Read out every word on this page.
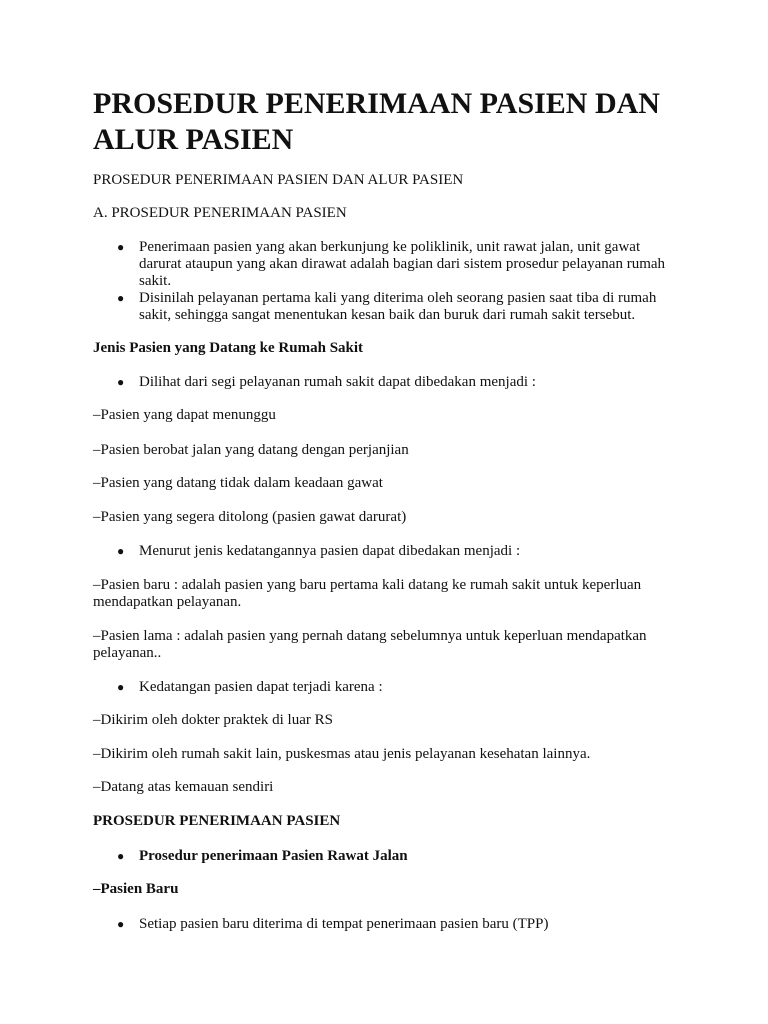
PROSEDUR PENERIMAAN PASIEN DAN ALUR PASIEN

PROSEDUR PENERIMAAN PASIEN DAN ALUR PASIEN

A. PROSEDUR PENERIMAAN PASIEN

● Penerimaan pasien yang akan berkunjung ke poliklinik, unit rawat jalan, unit gawat darurat ataupun yang akan dirawat adalah bagian dari sistem prosedur pelayanan rumah sakit.

● Disinilah pelayanan pertama kali yang diterima oleh seorang pasien saat tiba di rumah sakit, sehingga sangat menentukan kesan baik dan buruk dari rumah sakit tersebut.

Jenis Pasien yang Datang ke Rumah Sakit

● Dilihat dari segi pelayanan rumah sakit dapat dibedakan menjadi :

–Pasien yang dapat menunggu

–Pasien berobat jalan yang datang dengan perjanjian

–Pasien yang datang tidak dalam keadaan gawat

–Pasien yang segera ditolong (pasien gawat darurat)

● Menurut jenis kedatangannya pasien dapat dibedakan menjadi :

–Pasien baru : adalah pasien yang baru pertama kali datang ke rumah sakit untuk keperluan mendapatkan pelayanan.

–Pasien lama : adalah pasien yang pernah datang sebelumnya untuk keperluan mendapatkan pelayanan..

● Kedatangan pasien dapat terjadi karena :

–Dikirim oleh dokter praktek di luar RS

–Dikirim oleh rumah sakit lain, puskesmas atau jenis pelayanan kesehatan lainnya.

–Datang atas kemauan sendiri

PROSEDUR PENERIMAAN PASIEN

● Prosedur penerimaan Pasien Rawat Jalan

–Pasien Baru

● Setiap pasien baru diterima di tempat penerimaan pasien baru (TPP)
